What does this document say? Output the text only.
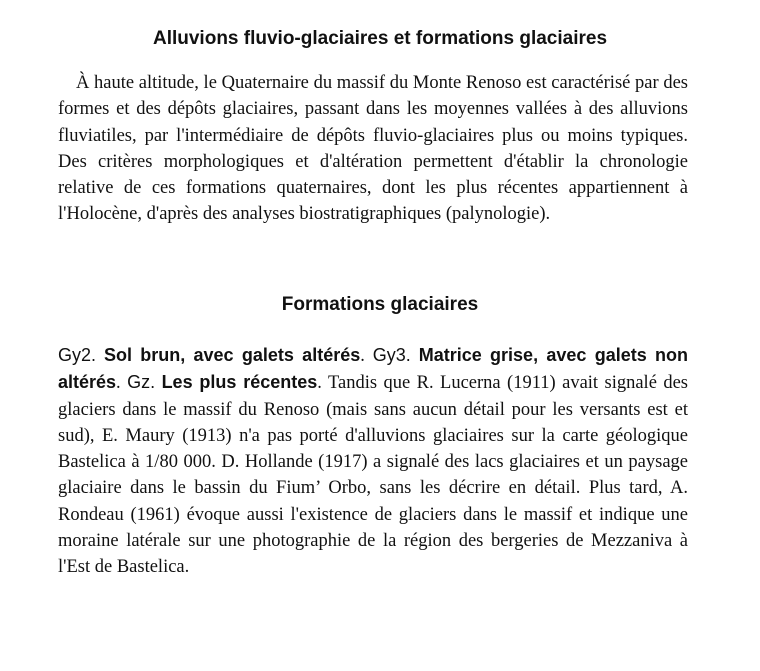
Alluvions fluvio-glaciaires et formations glaciaires

À haute altitude, le Quaternaire du massif du Monte Renoso est caractérisé par des formes et des dépôts glaciaires, passant dans les moyennes vallées à des alluvions fluviatiles, par l'intermédiaire de dépôts fluvio-glaciaires plus ou moins typiques. Des critères morphologiques et d'altération permettent d'établir la chronologie relative de ces formations quaternaires, dont les plus récentes appartiennent à l'Holocène, d'après des analyses biostratigraphiques (palynologie).

Formations glaciaires

Gy2. Sol brun, avec galets altérés. Gy3. Matrice grise, avec galets non altérés. Gz. Les plus récentes. Tandis que R. Lucerna (1911) avait signalé des glaciers dans le massif du Renoso (mais sans aucun détail pour les versants est et sud), E. Maury (1913) n'a pas porté d'alluvions glaciaires sur la carte géologique Bastelica à 1/80 000. D. Hollande (1917) a signalé des lacs glaciaires et un paysage glaciaire dans le bassin du Fium’ Orbo, sans les décrire en détail. Plus tard, A. Rondeau (1961) évoque aussi l'existence de glaciers dans le massif et indique une moraine latérale sur une photographie de la région des bergeries de Mezzaniva à l'Est de Bastelica.
